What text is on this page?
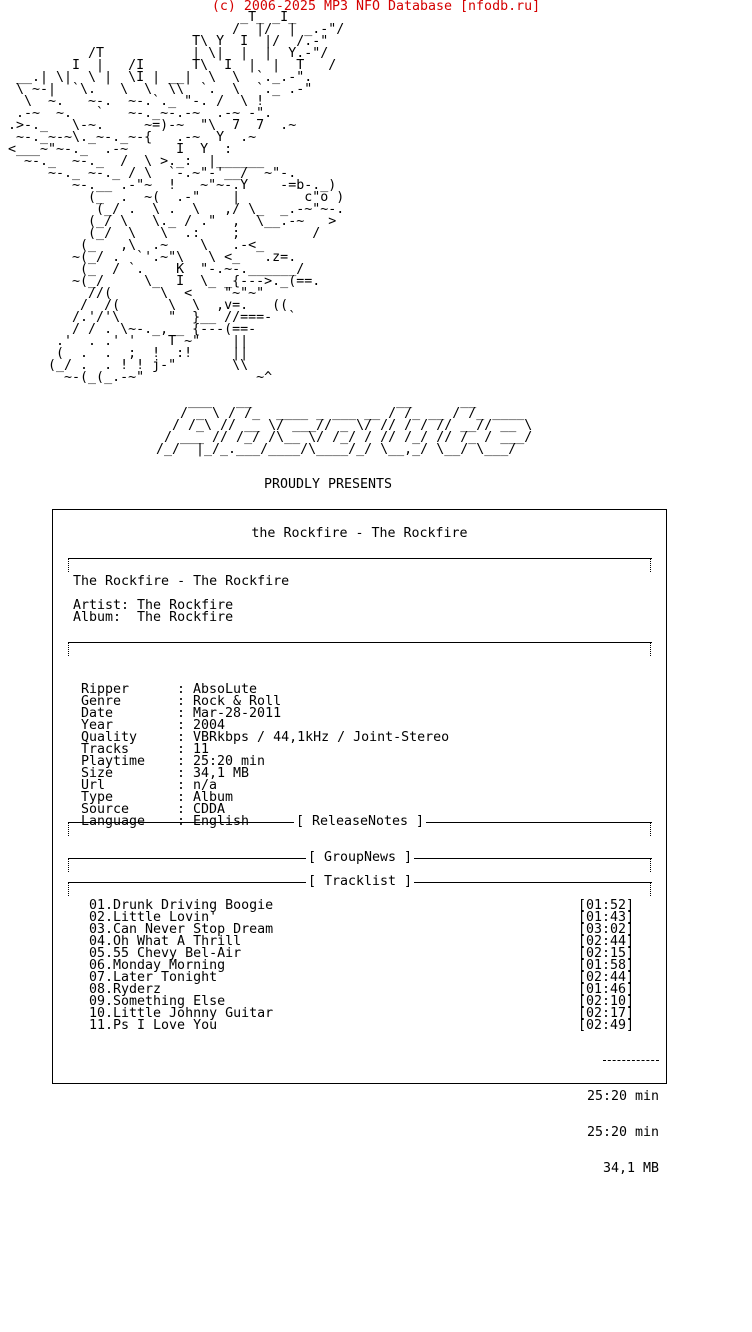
(c) 2006-2025 MP3 NFO Database [nfodb.ru]
_T_ _I_
/  |/  | _.-"/
T\ Y  I  |/  /.-"
/T           | \|  |  |  Y.-"/
I  |   /I      T\  I  |  |  T   /
__.| \|  \ |  \I | __|  \  \  `._.-".
\ ~-|  `\.   \  \  \\  `.  \  `._ .-"
\  ~.   ~-.  ~-.`._ "-. /  \ !
.-~  ~.   `   ~-._~-.-~  .-~ -".
.>-._   \-~.     ~=)-~  "\  7  7  .~
~-._~-~\._~-._~-{   .-~  Y  .~
<___~"~-._  .-~      I  Y  :
~-._  ~-._  /  \ >._:  |______
~-._ ~-._ / \  `-.~"-'__/  ~"-.
~-.__ .-"~  !   ~"~-.Y    -=b-._)
(_  .  ~(  .-"    |        c"o )
(_/ .  \ .  \   ,/ \_  _.-~"~-.
(_/ \   \._ / ."  ,  \__.-~   >
(_/  \   \  .:    ;         /
(_   ,\  .~    \   .-<_
~(_/ .  `'.~"\   \ <_   .z=.
(_  / `.    K  "-.~-.______/
~(_/     \_  I  \_ _{--->._(==.
//(      \  <    "~"~"
/  /(      \  \  ,v=.   ((
/.'/'\      "  }__ //===-  `
/ / . \~-._,__ {---(==-
.'  . .' '    T ~"    ||
(  .  .  ;  !  :!     ||
(_/ .  . ! ! j-"       \\
~-(_(_.-~"              ~^
___   __                  __      __
/ _ \ / /_  ____ _ ___ __ / /_ __ / /_ ____
/ /_\ // __ \/ ___// _ \/ // / / // __// __ \
/ ___ // /_/ /\__ \/ /_/ / // /_/ // /_ / ___/
/_/  |_/_.___/____/\____/_/ \__,_/ \__/ \___/
PROUDLY PRESENTS
the Rockfire - The Rockfire
The Rockfire - The Rockfire
Artist: The Rockfire
Album:  The Rockfire

Ripper	:	AbsoLute
Genre	:	Rock & Roll
Date	:	Mar-28-2011
Year	:	2004
Quality	:	VBRkbps / 44,1kHz / Joint-Stereo
Tracks	:	11
Playtime	:	25:20 min
Size	:	34,1 MB
Url	:	n/a
Type	:	Album
Source	:	CDDA
Language	:	English

	[ ReleaseNotes ]
[ GroupNews ]
[ Tracklist ]
01.Drunk Driving Boogie	[01:52]
02.Little Lovin'	[01:43]
03.Can Never Stop Dream	[03:02]
04.Oh What A Thrill	[02:44]
05.55 Chevy Bel-Air	[02:15]
06.Monday Morning	[01:58]
07.Later Tonight	[02:44]
08.Ryderz	[01:46]
09.Something Else	[02:10]
10.Little Johnny Guitar	[02:17]
11.Ps I Love You	[02:49]

25:20 min

25:20 min

34,1 MB
